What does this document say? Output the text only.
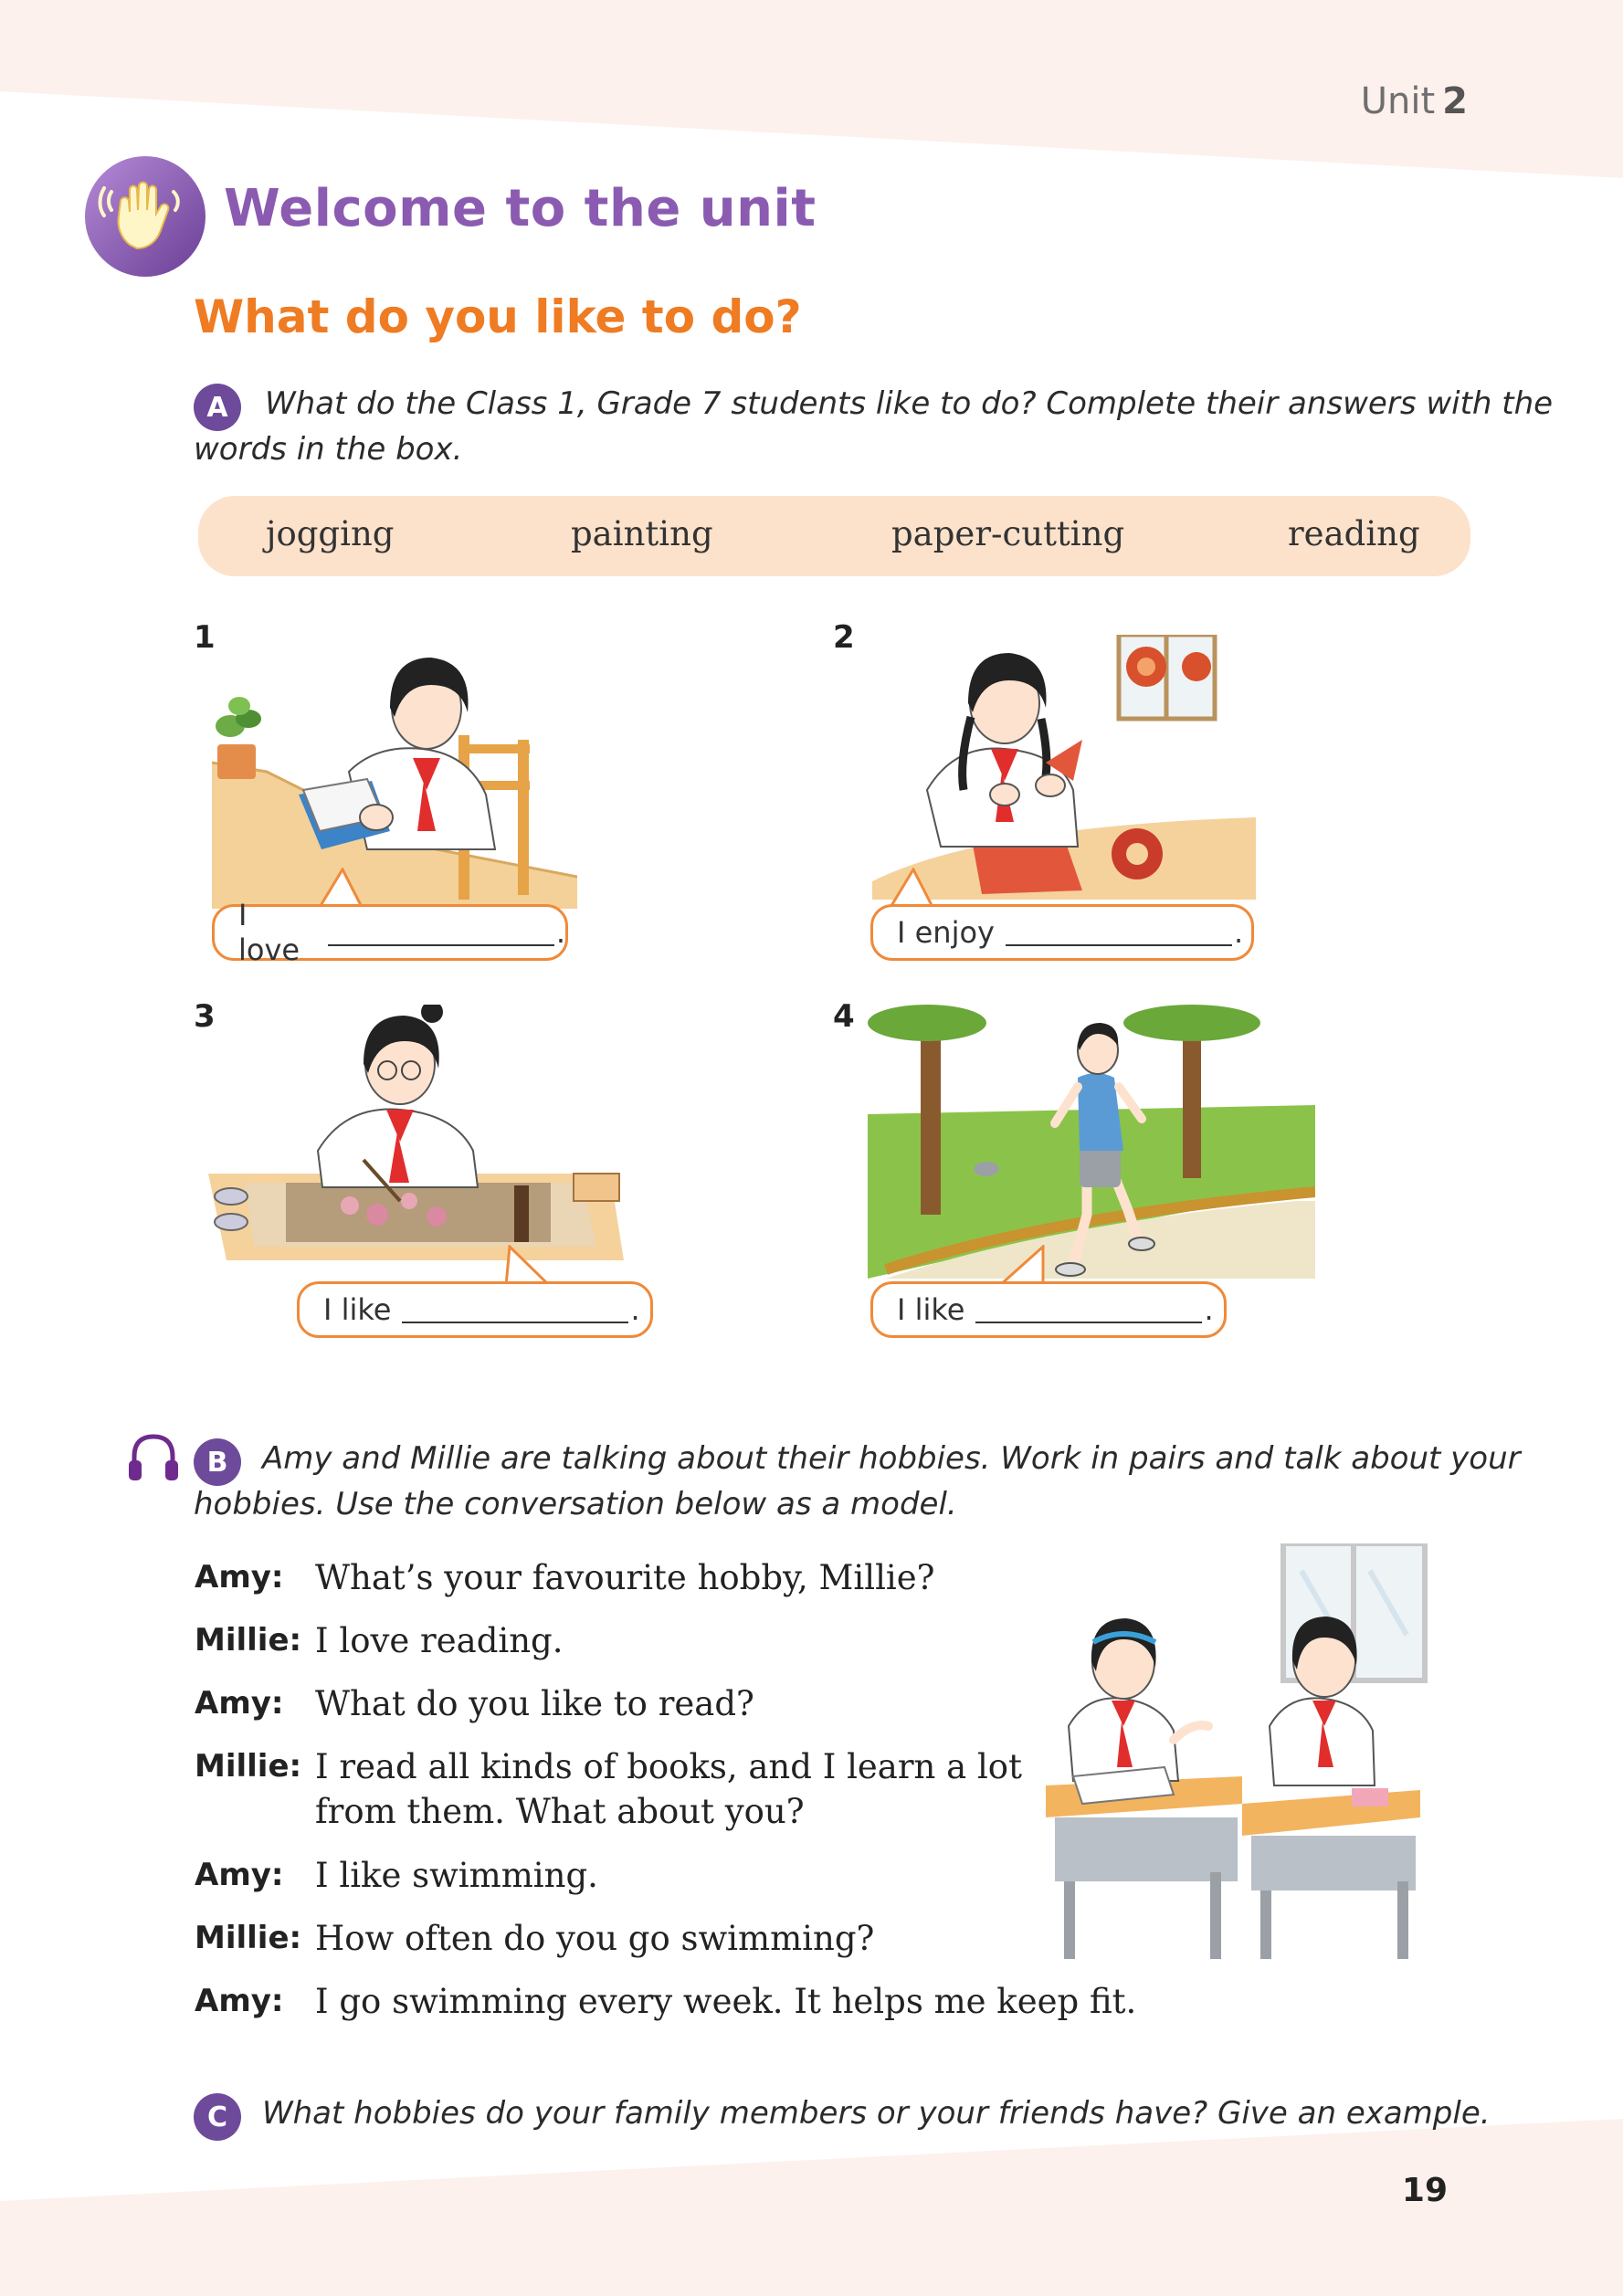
Unit 2
Welcome to the unit
What do you like to do?
A	What do the Class 1, Grade 7 students like to do? Complete their answers with the
words in the box.
jogging	painting	paper-cutting	reading
1	2
3	4
I love	.	I enjoy	.
I like	.	I like	.
B	Amy and Millie are talking about their hobbies. Work in pairs and talk about your
hobbies. Use the conversation below as a model.
Amy: What’s your favourite hobby, Millie?
Millie: I love reading.
Amy: What do you like to read?
Millie: I read all kinds of books, and I learn a lot
from them. What about you?
Amy: I like swimming.
Millie: How often do you go swimming?
Amy: I go swimming every week. It helps me keep fit.
C	What hobbies do your family members or your friends have? Give an example.
19
